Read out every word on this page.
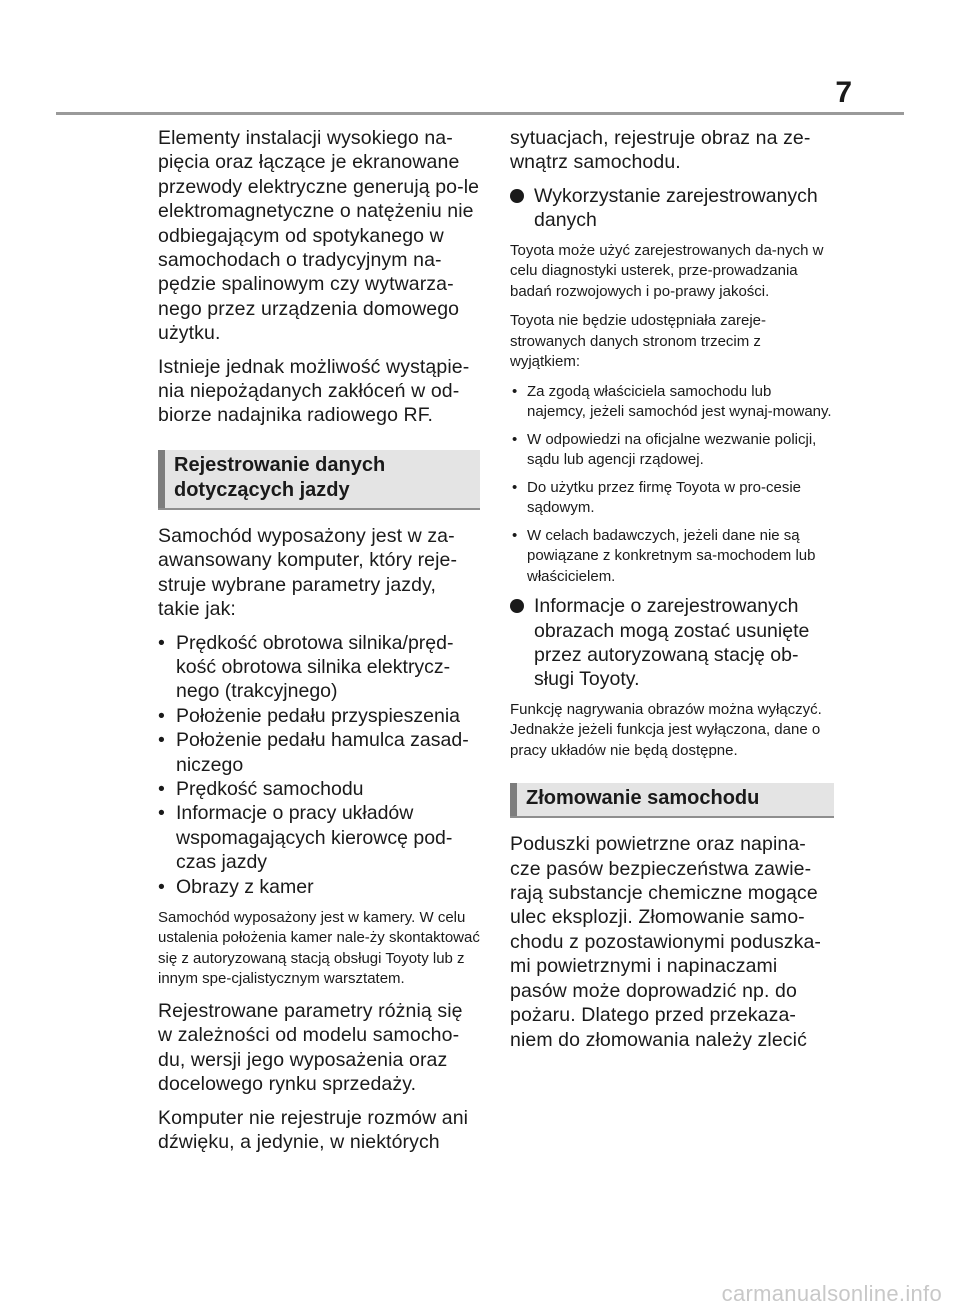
7

Elementy instalacji wysokiego na-pięcia oraz łączące je ekranowane przewody elektryczne generują po-le elektromagnetyczne o natężeniu nie odbiegającym od spotykanego w samochodach o tradycyjnym na-pędzie spalinowym czy wytwarza-nego przez urządzenia domowego użytku.

Istnieje jednak możliwość wystąpie-nia niepożądanych zakłóceń w od-biorze nadajnika radiowego RF.

Rejestrowanie danych dotyczących jazdy

Samochód wyposażony jest w za-awansowany komputer, który reje-struje wybrane parametry jazdy, takie jak:

• Prędkość obrotowa silnika/pręd-kość obrotowa silnika elektrycz-nego (trakcyjnego)
• Położenie pedału przyspieszenia
• Położenie pedału hamulca zasad-niczego
• Prędkość samochodu
• Informacje o pracy układów wspomagających kierowcę pod-czas jazdy
• Obrazy z kamer

Samochód wyposażony jest w kamery. W celu ustalenia położenia kamer nale-ży skontaktować się z autoryzowaną stacją obsługi Toyoty lub z innym spe-cjalistycznym warsztatem.

Rejestrowane parametry różnią się w zależności od modelu samocho-du, wersji jego wyposażenia oraz docelowego rynku sprzedaży.

Komputer nie rejestruje rozmów ani dźwięku, a jedynie, w niektórych

sytuacjach, rejestruje obraz na ze-wnątrz samochodu.

Wykorzystanie zarejestrowanych danych

Toyota może użyć zarejestrowanych da-nych w celu diagnostyki usterek, prze-prowadzania badań rozwojowych i po-prawy jakości.

Toyota nie będzie udostępniała zareje-strowanych danych stronom trzecim z wyjątkiem:

• Za zgodą właściciela samochodu lub najemcy, jeżeli samochód jest wynaj-mowany.
• W odpowiedzi na oficjalne wezwanie policji, sądu lub agencji rządowej.
• Do użytku przez firmę Toyota w pro-cesie sądowym.
• W celach badawczych, jeżeli dane nie są powiązane z konkretnym sa-mochodem lub właścicielem.
Informacje o zarejestrowanych obrazach mogą zostać usunięte przez autoryzowaną stację ob-sługi Toyoty.

Funkcję nagrywania obrazów można wyłączyć. Jednakże jeżeli funkcja jest wyłączona, dane o pracy układów nie będą dostępne.

Złomowanie samochodu

Poduszki powietrzne oraz napina-cze pasów bezpieczeństwa zawie-rają substancje chemiczne mogące ulec eksplozji. Złomowanie samo-chodu z pozostawionymi poduszka-mi powietrznymi i napinaczami pasów może doprowadzić np. do pożaru. Dlatego przed przekaza-niem do złomowania należy zlecić

carmanualsonline.info
